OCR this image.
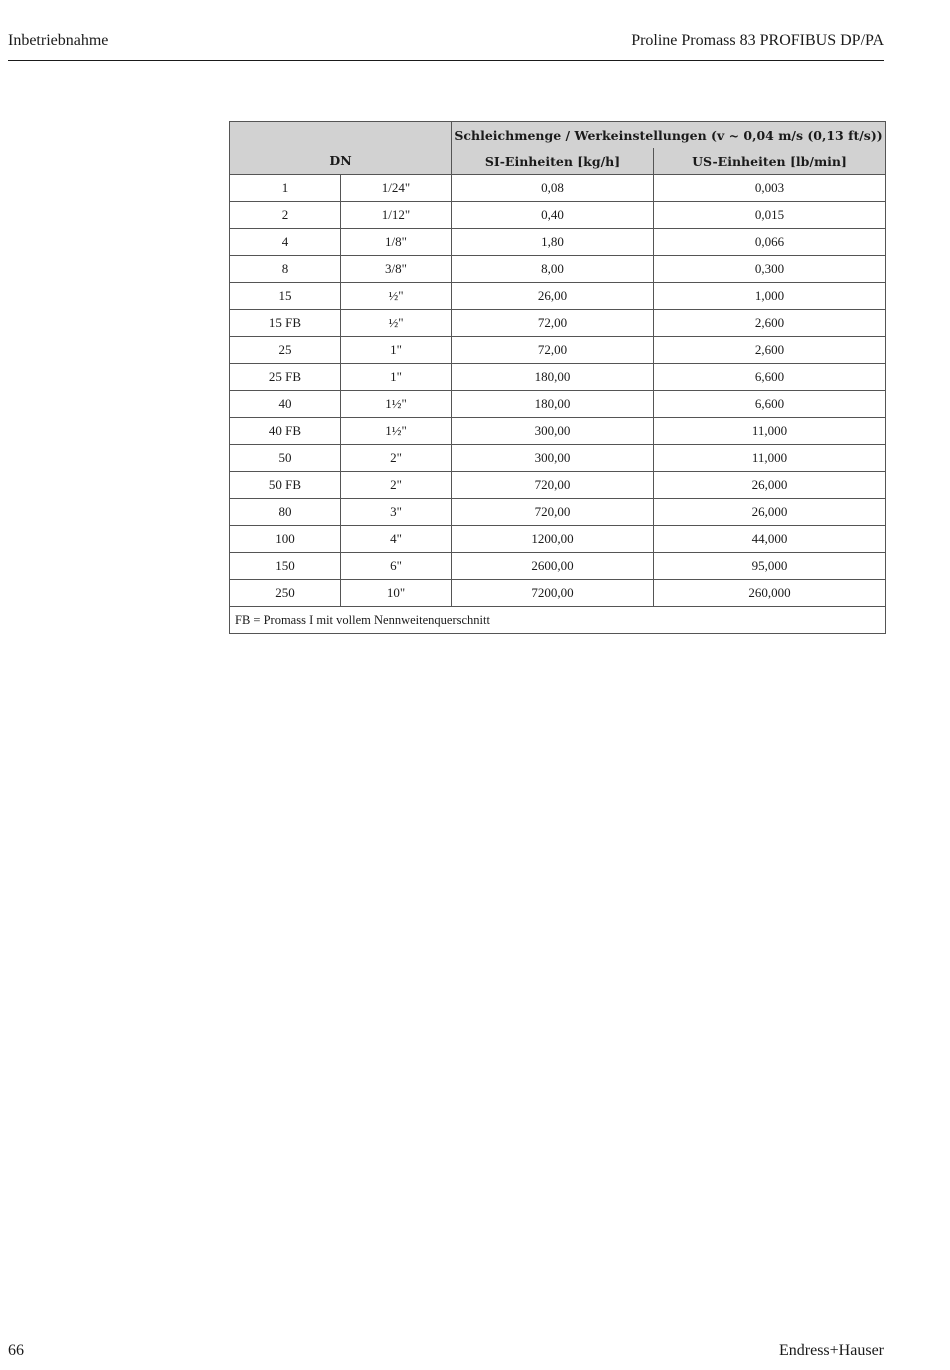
Inbetriebnahme	Proline Promass 83 PROFIBUS DP/PA
DN		Schleichmenge / Werkeinstellungen (v ~ 0,04 m/s (0,13 ft/s))	
		SI-Einheiten [kg/h]	US-Einheiten [lb/min]
1	1/24"	0,08	0,003
2	1/12"	0,40	0,015
4	1/8"	1,80	0,066
8	3/8"	8,00	0,300
15	½"	26,00	1,000
15 FB	½"	72,00	2,600
25	1"	72,00	2,600
25 FB	1"	180,00	6,600
40	1½"	180,00	6,600
40 FB	1½"	300,00	11,000
50	2"	300,00	11,000
50 FB	2"	720,00	26,000
80	3"	720,00	26,000
100	4"	1200,00	44,000
150	6"	2600,00	95,000
250	10"	7200,00	260,000
FB = Promass I mit vollem Nennweitenquerschnitt			
66	Endress+Hauser
